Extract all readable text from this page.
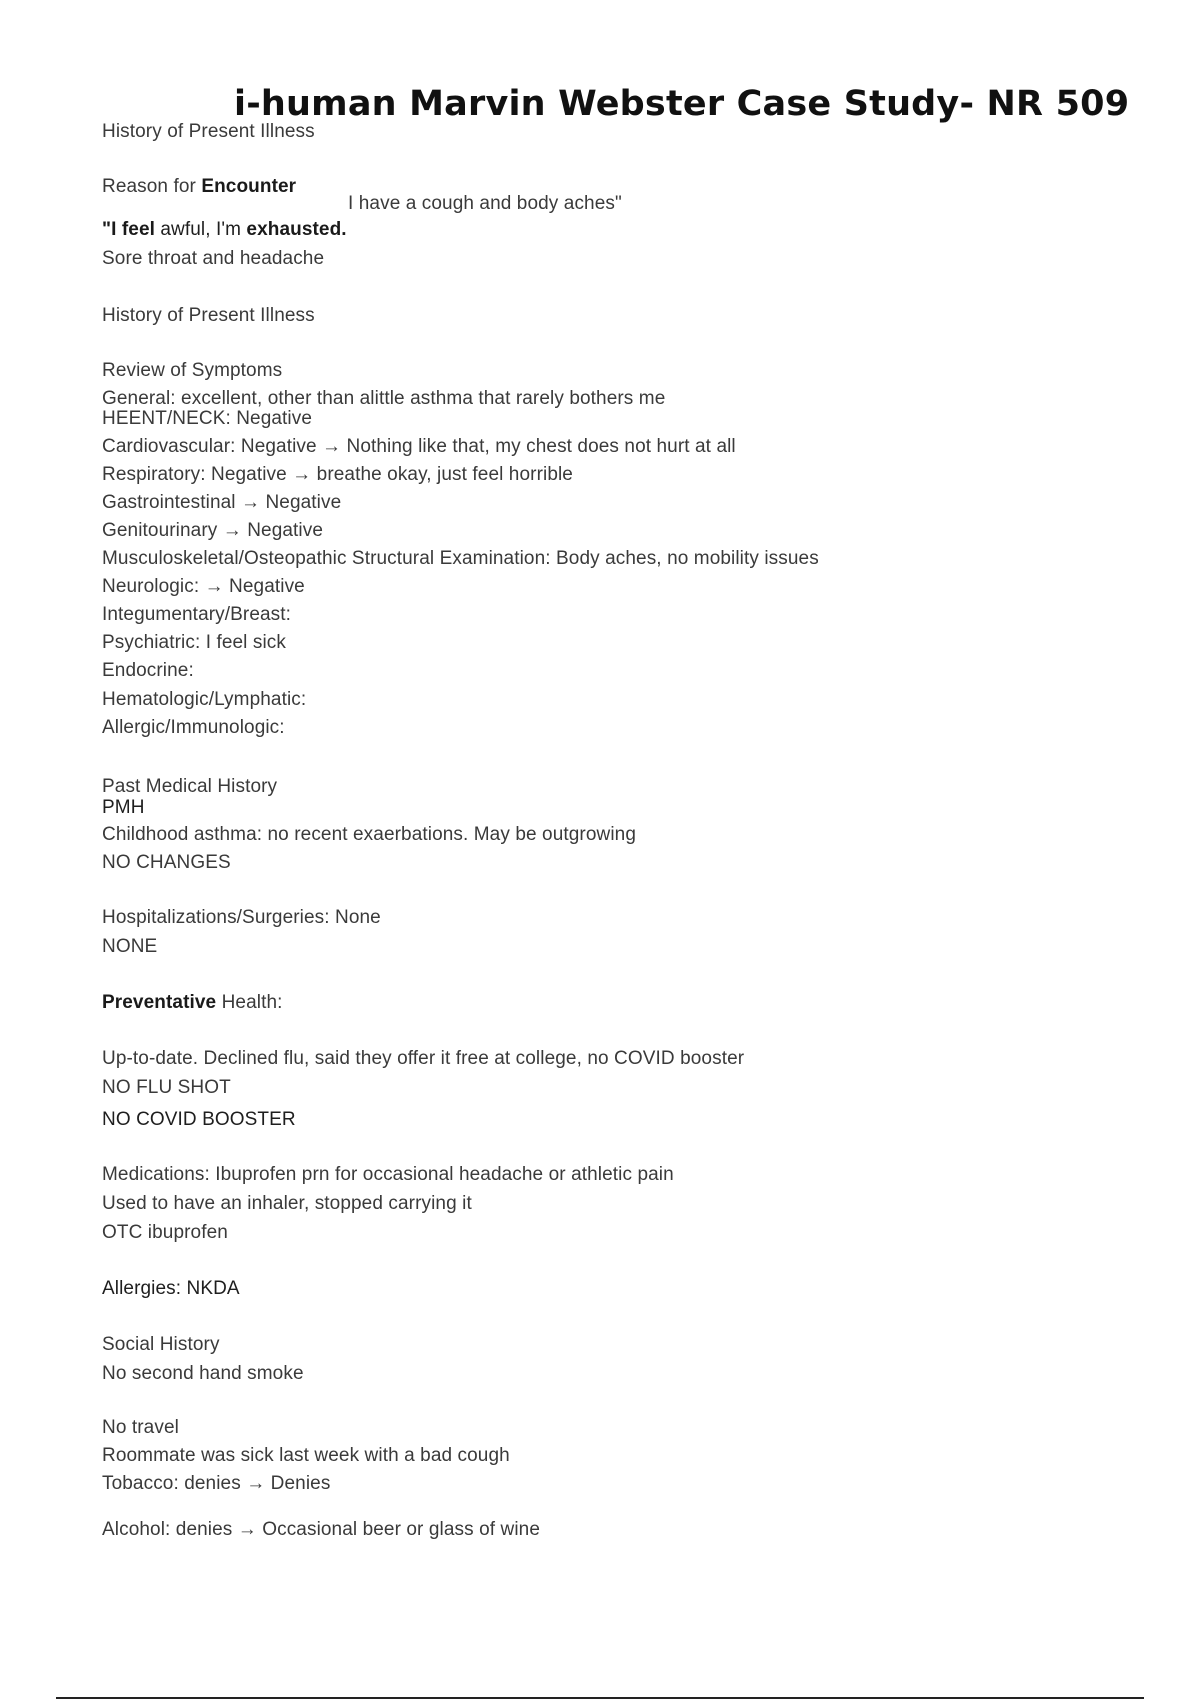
i-human Marvin Webster Case Study- NR 509
History of Present Illness
Reason for Encounter
I have a cough and body aches"
"I feel awful, I'm exhausted.
Sore throat and headache
History of Present Illness
Review of Symptoms
General: excellent, other than alittle asthma that rarely bothers me
HEENT/NECK: Negative
Cardiovascular: Negative → Nothing like that, my chest does not hurt at all
Respiratory: Negative → breathe okay, just feel horrible
Gastrointestinal → Negative
Genitourinary → Negative
Musculoskeletal/Osteopathic Structural Examination: Body aches, no mobility issues
Neurologic: → Negative
Integumentary/Breast:
Psychiatric: I feel sick
Endocrine:
Hematologic/Lymphatic:
Allergic/Immunologic:
Past Medical History
PMH
Childhood asthma: no recent exaerbations. May be outgrowing
NO CHANGES
Hospitalizations/Surgeries: None
NONE
Preventative Health:
Up-to-date. Declined flu, said they offer it free at college, no COVID booster
NO FLU SHOT
NO COVID BOOSTER
Medications: Ibuprofen prn for occasional headache or athletic pain
Used to have an inhaler, stopped carrying it
OTC ibuprofen
Allergies: NKDA
Social History
No second hand smoke
No travel
Roommate was sick last week with a bad cough
Tobacco: denies → Denies
Alcohol: denies → Occasional beer or glass of wine
